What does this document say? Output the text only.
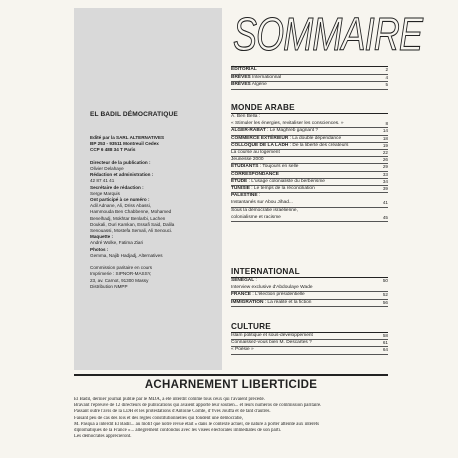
EL BADIL DÉMOCRATIQUE
Edité par la SARL ALTERNATIVES
BP 253 - 93511 Montreuil Cedex
CCP 6 488 34 T Paris

Directeur de la publication :
Olivier Delahaye
Rédaction et administration :
42 87 41 41
Secrétaire de rédaction :
Serge Marquis
Ont participé à ce numéro :
Adil Adnane, Ali, Driss Abassi,
Hammouda Ben Chabbenne, Mohamed
Benelhadj, Mokhtar Benlarbi, Lachen
Doukali, Ouri Kamkan, Essafi Said, Dalila
Senouassi, Mostefa Semali, Ali Senouci.
Maquette :
André Wolke, Fatima Ziari
Photos :
Gemma, Najib Hadjadj, Alternatives

Commission paritaire en cours
Imprimerie : SIPNOR-MASSY,
23, av. Carnot, 91300 Massy
Distribution NMPP
SOMMAIRE
ÉDITORIAL	2
BRÈVES Internationnal	4
BRÈVES Algérie	5
MONDE ARABE
A. Ben Bella :
« Stimuler les énergies, revitaliser les consciences. »	8
ALGER-RABAT : Le Maghreb gagnant ?	14
COMMERCE EXTÉRIEUR : La double dépendance	18
COLLOQUE DE LA LADH : De la liberté des créateurs	19
La course au logement	22
Jeunesse 2000	26
ÉTUDIANTS : Toujours en selle	29
CORRESPONDANCE	33
ÉTUDE : L'usage colonialiste du berbérisme	34
TUNISIE : Le temps de la réconciliation	39
PALESTINE :
Instantanés sur Abou Jihad...	41
Sous la démocratie israélienne,
colonialisme et racisme	45
INTERNATIONAL
SÉNÉGAL :	50
Interview exclusive d'Abdoulaye Wade
FRANCE : L'élection présidentielle	52
IMMIGRATION : La réalité et la fiction	56
CULTURE
Islam politique et sous-développement	58
Connaissez-vous bien M. Descartes ?	61
« Poésie »	64
ACHARNEMENT LIBERTICIDE
El Badil, dernier journal publié par le MDA, a été interdit comme tous ceux qui l'avaient précédé.
Bravant l'épreuve de 12 directeurs de publications qui avaient apporté leur soutien... et leurs numéros de commission paritaire.
Passant outre l'avis de la LDH et les protestations d'Antoine Comte, d'Yves Jouffa et de tant d'autres.
Faisant peu de cas des lois et des règles constitutionnelles qui fondent une démocratie,
M. Pasqua a interdit El Badil... au motif que notre revue était « dans le contexte actuel, de nature à porter atteinte aux intérêts
diplomatiques de la France »... allègrement confondus avec les visées électorales immédiates de son parti.
Les démocrates apprécieront.
